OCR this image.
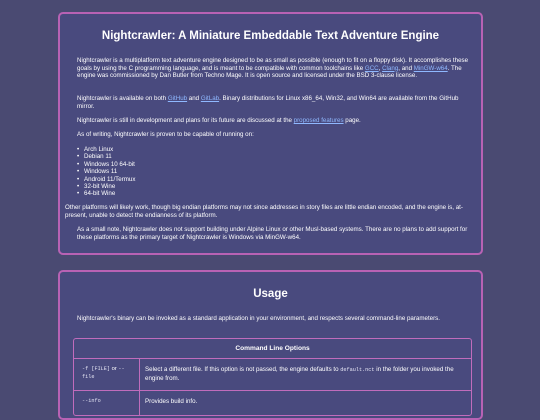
Nightcrawler: A Miniature Embeddable Text Adventure Engine

Nightcrawler is a multiplatform text adventure engine designed to be as small as possible (enough to fit on a floppy disk). It accomplishes these goals by using the C programming language, and is meant to be compatible with common toolchains like GCC, Clang, and MinGW-w64. The engine was commissioned by Dan Butler from Techno Mage. It is open source and licensed under the BSD 3-clause license.

Nightcrawler is available on both GitHub and GitLab. Binary distributions for Linux x86_64, Win32, and Win64 are available from the GitHub mirror.

Nightcrawler is still in development and plans for its future are discussed at the proposed features page.

As of writing, Nightcrawler is proven to be capable of running on:

• Arch Linux
• Debian 11
• Windows 10 64-bit
• Windows 11
• Android 11/Termux
• 32-bit Wine
• 64-bit Wine

Other platforms will likely work, though big endian platforms may not since addresses in story files are little endian encoded, and the engine is, at-present, unable to detect the endianness of its platform.

As a small note, Nightcrawler does not support building under Alpine Linux or other Musl-based systems. There are no plans to add support for these platforms as the primary target of Nightcrawler is Windows via MinGW-w64.

Usage

Nightcrawler's binary can be invoked as a standard application in your environment, and respects several command-line parameters.

Command Line Options
-f [FILE] or --file
Select a different file. If this option is not passed, the engine defaults to default.nct in the folder you invoked the engine from.
--info	Provides build info.
